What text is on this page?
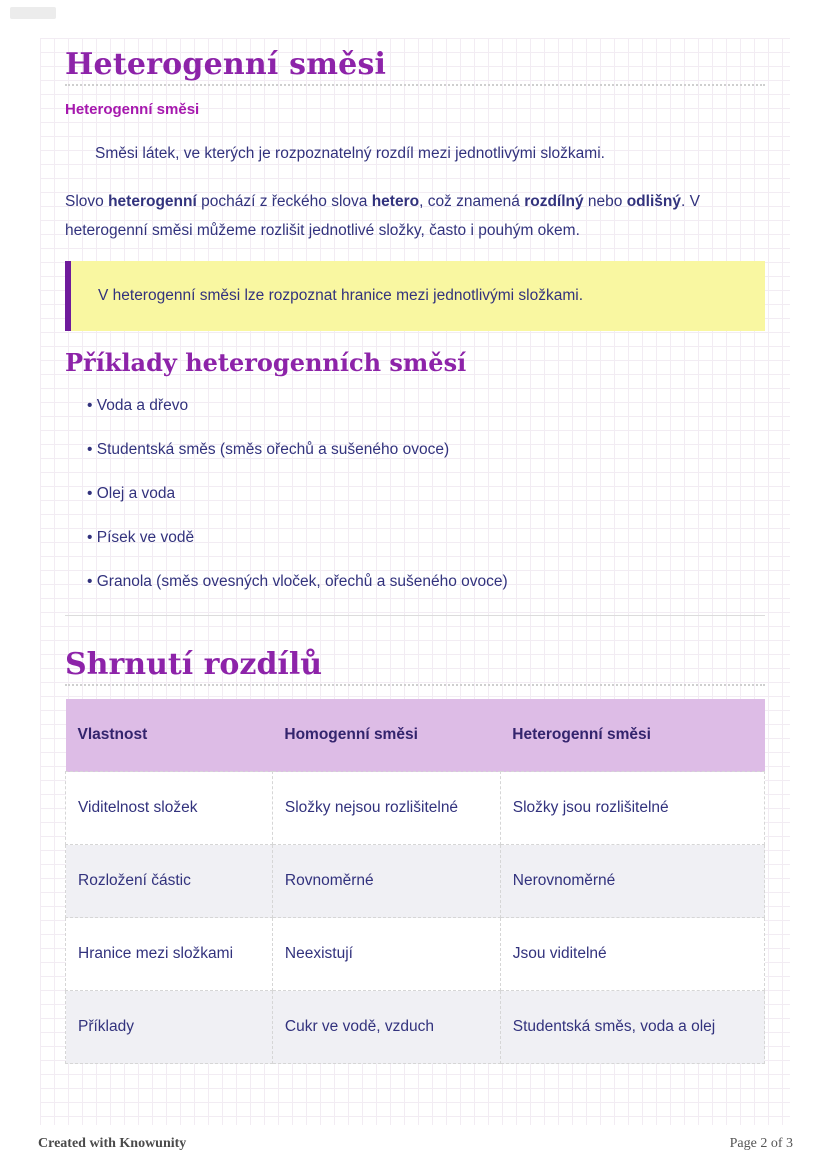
Heterogenní směsi
Heterogenní směsi

Směsi látek, ve kterých je rozpoznatelný rozdíl mezi jednotlivými složkami.

Slovo heterogenní pochází z řeckého slova hetero, což znamená rozdílný nebo odlišný. V heterogenní směsi můžeme rozlišit jednotlivé složky, často i pouhým okem.

V heterogenní směsi lze rozpoznat hranice mezi jednotlivými složkami.
Příklady heterogenních směsí
• Voda a dřevo
• Studentská směs (směs ořechů a sušeného ovoce)
• Olej a voda
• Písek ve vodě
• Granola (směs ovesných vloček, ořechů a sušeného ovoce)
Shrnutí rozdílů
Vlastnost	Homogenní směsi	Heterogenní směsi
Viditelnost složek	Složky nejsou rozlišitelné	Složky jsou rozlišitelné
Rozložení částic	Rovnoměrné	Nerovnoměrné
Hranice mezi složkami	Neexistují	Jsou viditelné
Příklady	Cukr ve vodě, vzduch	Studentská směs, voda a olej
Created with Knowunity	Page 2 of 3
